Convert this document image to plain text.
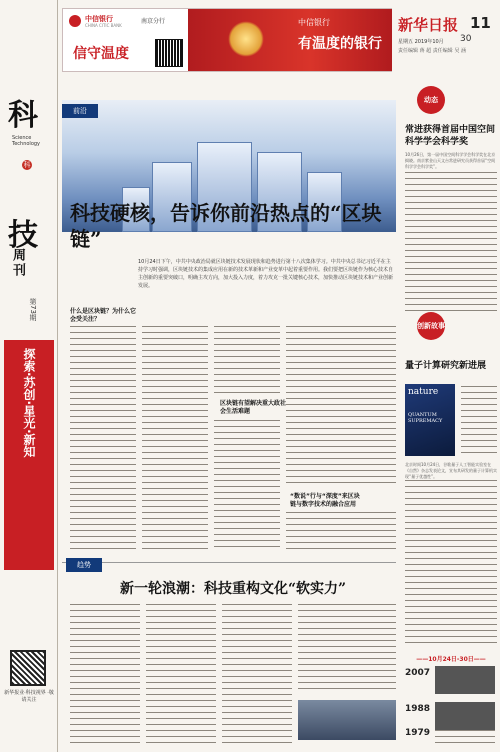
科
Science Technology
科
技
周刊
第73期
探索·苏创·星光·新知
新华报业·科技视界 ·敬请关注
中信银行
CHINA CITIC BANK
南京分行
信守温度
中信银行
有温度的银行
新华日报 11
星期五 2019年10月 30
责任编辑 蒋 超 责任编辑 吴 涵
前沿
科技硬核，告诉你前沿热点的“区块链”
10月24日下午，中共中央政治局就区块链技术发展现状和趋势进行第十八次集体学习。中共中央总书记习近平在主持学习时强调，区块链技术的集成应用在新的技术革新和产业变革中起着重要作用。我们要把区块链作为核心技术自主创新的重要突破口，明确主攻方向，加大投入力度，着力攻克一批关键核心技术，加快推动区块链技术和产业创新发展。
什么是区块链？为什么它会受关注？
区块链有望解决重大政社会生活难题
“数说”行与“深度”来区块链与数字技术的融合应用
趋势
新一轮浪潮：科技重构文化“软实力”
动态
常进获得首届中国空间科学学会科学奖
10月26日，第一届中国空间科学学会科学奖在北京揭晓。南京紫金山天文台常进研究员获得首届“空间科学学会科学奖”。
创新故事
量子计算研究新进展
nature
QUANTUM SUPREMACY
北京时间10月24日，谷歌量子人工智能实验室在《自然》杂志发表论文，宣布其研发的量子计算机实现“量子优越性”。
——10月24日-30日——
2007
1988
1979
